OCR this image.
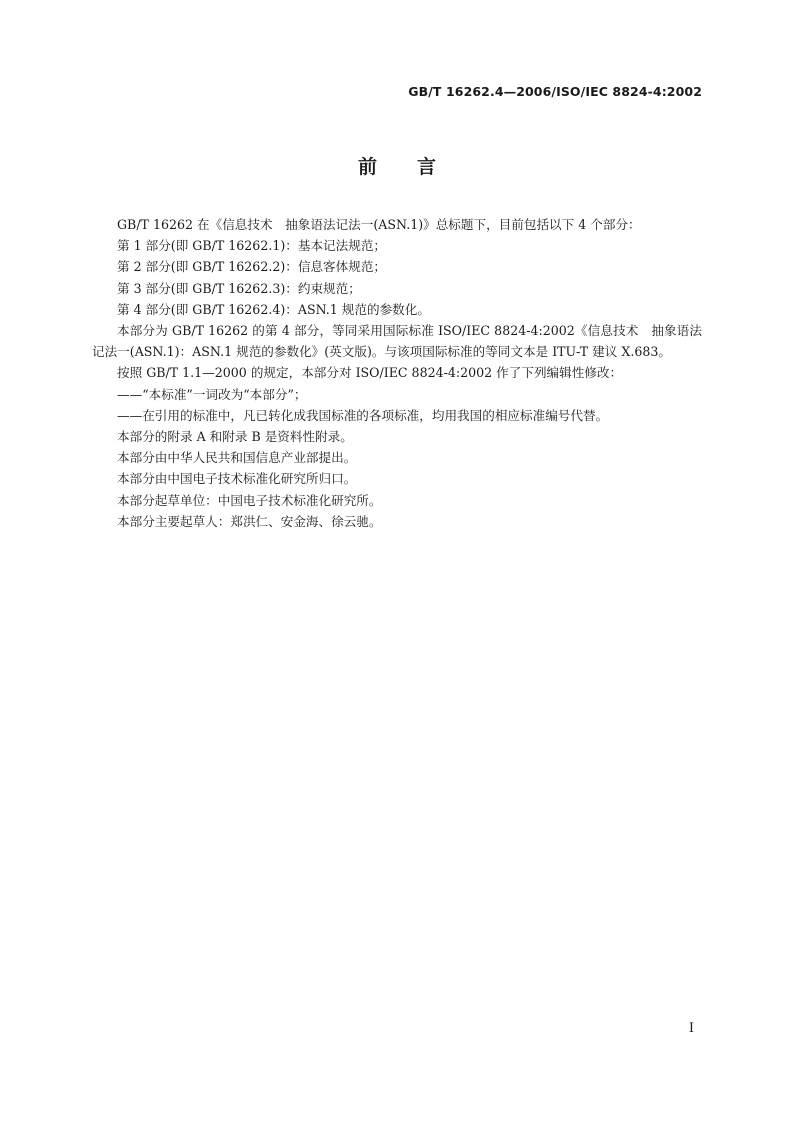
GB/T 16262.4—2006/ISO/IEC 8824-4:2002
前言

GB/T 16262 在《信息技术　抽象语法记法一(ASN.1)》总标题下，目前包括以下 4 个部分：

第 1 部分(即 GB/T 16262.1)：基本记法规范；

第 2 部分(即 GB/T 16262.2)：信息客体规范；

第 3 部分(即 GB/T 16262.3)：约束规范；

第 4 部分(即 GB/T 16262.4)：ASN.1 规范的参数化。

本部分为 GB/T 16262 的第 4 部分，等同采用国际标准 ISO/IEC 8824-4:2002《信息技术　抽象语法记法一(ASN.1)：ASN.1 规范的参数化》(英文版)。与该项国际标准的等同文本是 ITU-T 建议 X.683。

按照 GB/T 1.1—2000 的规定，本部分对 ISO/IEC 8824-4:2002 作了下列编辑性修改：

——“本标准”一词改为“本部分”；

——在引用的标准中，凡已转化成我国标准的各项标准，均用我国的相应标准编号代替。

本部分的附录 A 和附录 B 是资料性附录。

本部分由中华人民共和国信息产业部提出。

本部分由中国电子技术标准化研究所归口。

本部分起草单位：中国电子技术标准化研究所。

本部分主要起草人：郑洪仁、安金海、徐云驰。

I
